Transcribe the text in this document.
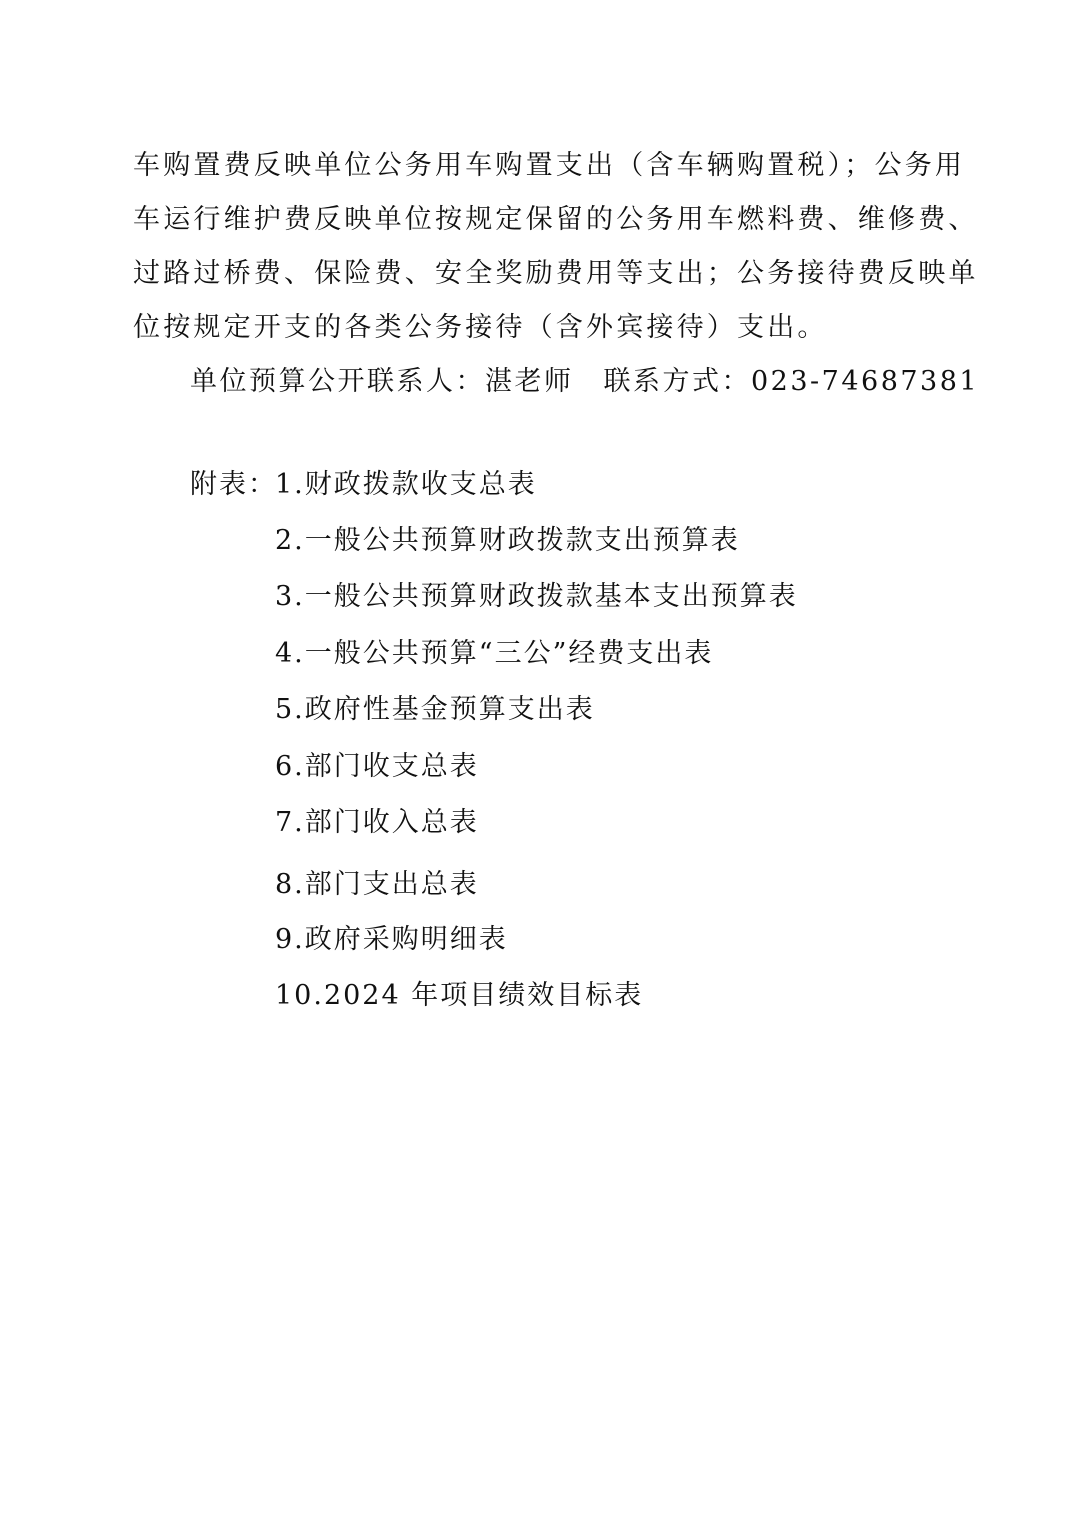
车购置费反映单位公务用车购置支出（含车辆购置税）；公务用
车运行维护费反映单位按规定保留的公务用车燃料费、维修费、
过路过桥费、保险费、安全奖励费用等支出；公务接待费反映单
位按规定开支的各类公务接待（含外宾接待）支出。
单位预算公开联系人：湛老师 联系方式：023-74687381
附表：
1.财政拨款收支总表
2.一般公共预算财政拨款支出预算表
3.一般公共预算财政拨款基本支出预算表
4.一般公共预算“三公”经费支出表
5.政府性基金预算支出表
6.部门收支总表
7.部门收入总表
8.部门支出总表
9.政府采购明细表
10.2024 年项目绩效目标表
